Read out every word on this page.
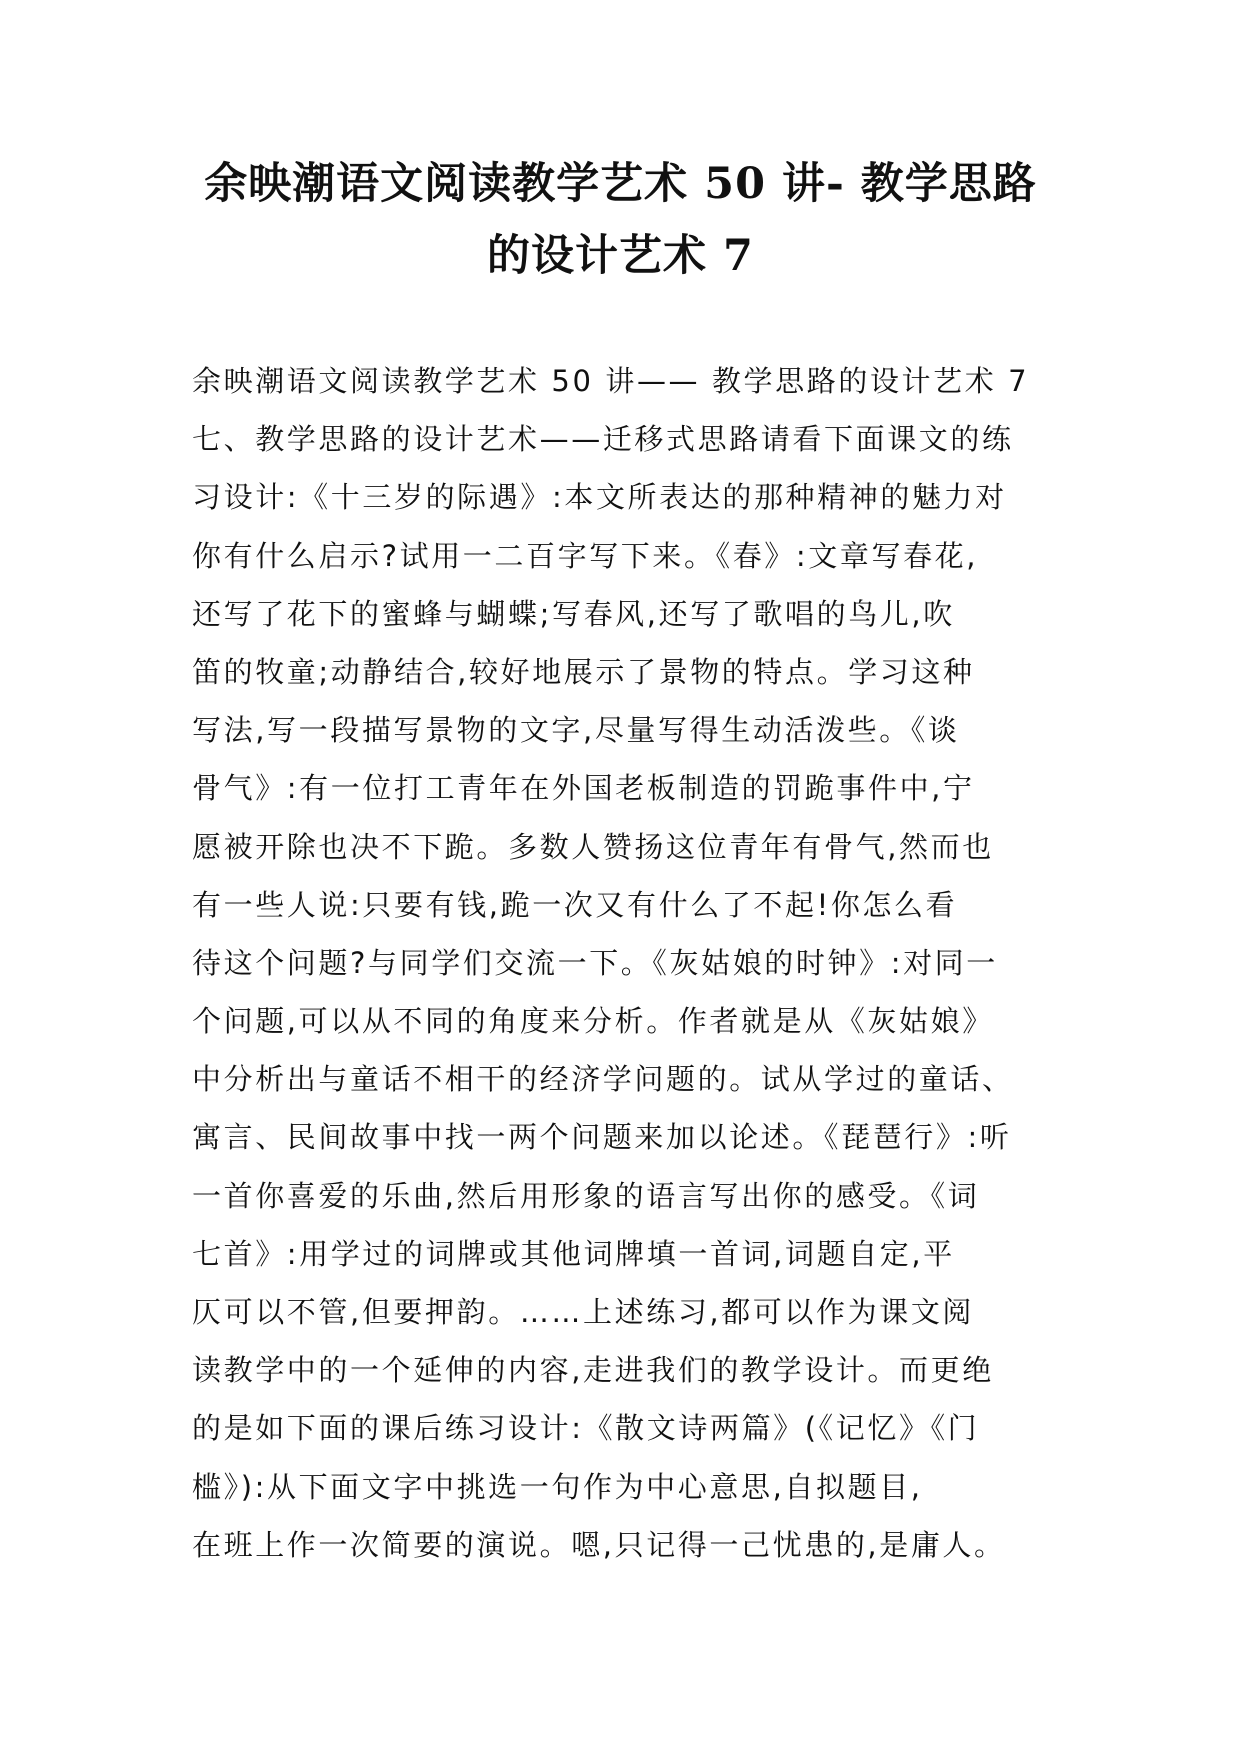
余映潮语文阅读教学艺术 50 讲- 教学思路
的设计艺术 7
余映潮语文阅读教学艺术 50 讲—— 教学思路的设计艺术 7
七、教学思路的设计艺术——迁移式思路请看下面课文的练
习设计:《十三岁的际遇》:本文所表达的那种精神的魅力对
你有什么启示?试用一二百字写下来。《春》:文章写春花,
还写了花下的蜜蜂与蝴蝶;写春风,还写了歌唱的鸟儿,吹
笛的牧童;动静结合,较好地展示了景物的特点。学习这种
写法,写一段描写景物的文字,尽量写得生动活泼些。《谈
骨气》:有一位打工青年在外国老板制造的罚跪事件中,宁
愿被开除也决不下跪。多数人赞扬这位青年有骨气,然而也
有一些人说:只要有钱,跪一次又有什么了不起!你怎么看
待这个问题?与同学们交流一下。《灰姑娘的时钟》:对同一
个问题,可以从不同的角度来分析。作者就是从《灰姑娘》
中分析出与童话不相干的经济学问题的。试从学过的童话、
寓言、民间故事中找一两个问题来加以论述。《琵琶行》:听
一首你喜爱的乐曲,然后用形象的语言写出你的感受。《词
七首》:用学过的词牌或其他词牌填一首词,词题自定,平
仄可以不管,但要押韵。……上述练习,都可以作为课文阅
读教学中的一个延伸的内容,走进我们的教学设计。而更绝
的是如下面的课后练习设计:《散文诗两篇》(《记忆》《门
槛》):从下面文字中挑选一句作为中心意思,自拟题目,
在班上作一次简要的演说。嗯,只记得一己忧患的,是庸人。
